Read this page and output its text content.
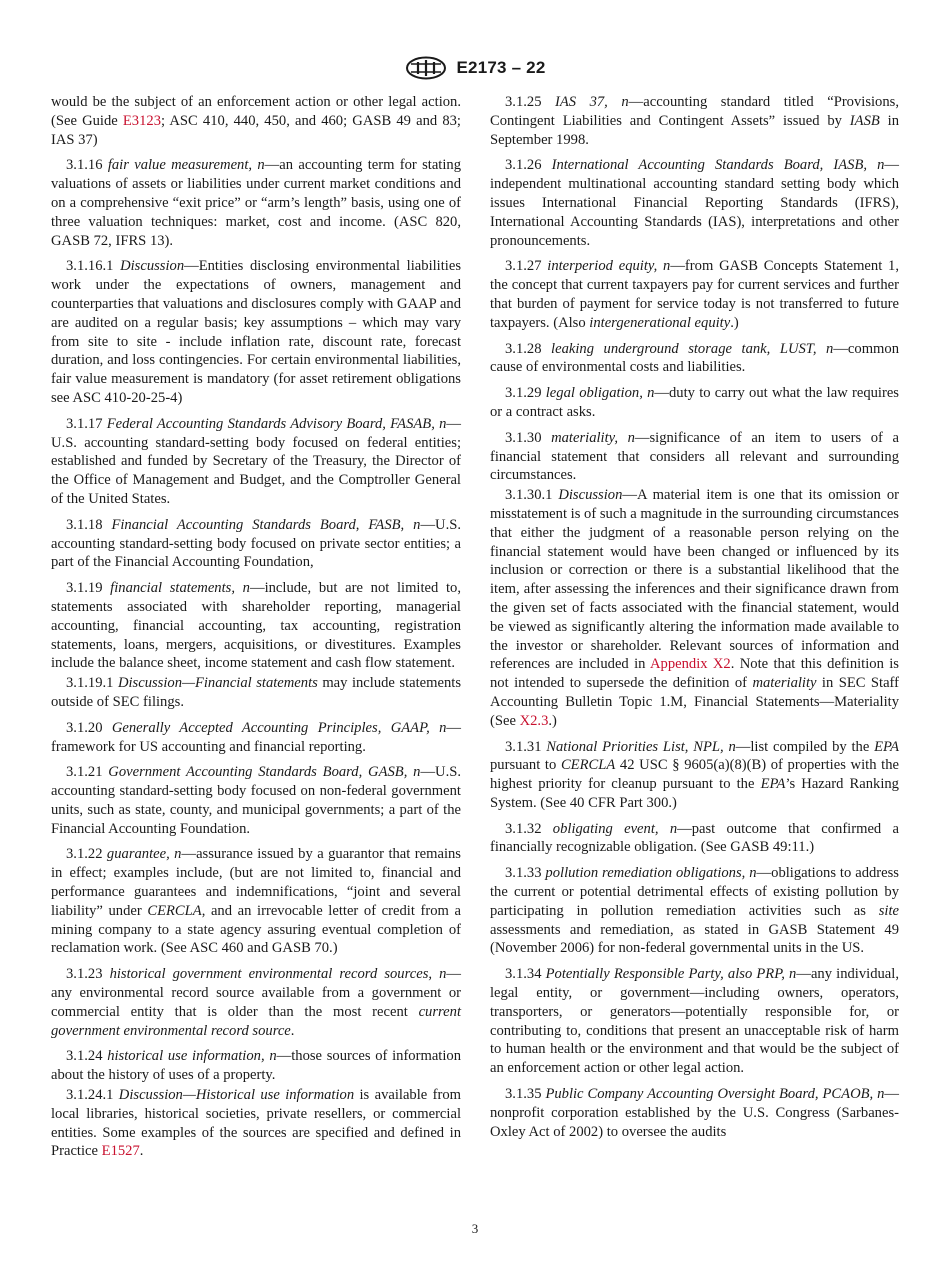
E2173 – 22

would be the subject of an enforcement action or other legal action. (See Guide E3123; ASC 410, 440, 450, and 460; GASB 49 and 83; IAS 37)

3.1.16 fair value measurement, n—an accounting term for stating valuations of assets or liabilities under current market conditions and on a comprehensive “exit price” or “arm’s length” basis, using one of three valuation techniques: market, cost and income. (ASC 820, GASB 72, IFRS 13).

3.1.16.1 Discussion—Entities disclosing environmental liabilities work under the expectations of owners, management and counterparties that valuations and disclosures comply with GAAP and are audited on a regular basis; key assumptions – which may vary from site to site - include inflation rate, discount rate, forecast duration, and loss contingencies. For certain environmental liabilities, fair value measurement is mandatory (for asset retirement obligations see ASC 410-20-25-4)

3.1.17 Federal Accounting Standards Advisory Board, FASAB, n—U.S. accounting standard-setting body focused on federal entities; established and funded by Secretary of the Treasury, the Director of the Office of Management and Budget, and the Comptroller General of the United States.

3.1.18 Financial Accounting Standards Board, FASB, n—U.S. accounting standard-setting body focused on private sector entities; a part of the Financial Accounting Foundation,

3.1.19 financial statements, n—include, but are not limited to, statements associated with shareholder reporting, managerial accounting, financial accounting, tax accounting, registration statements, loans, mergers, acquisitions, or divestitures. Examples include the balance sheet, income statement and cash flow statement.

3.1.19.1 Discussion—Financial statements may include statements outside of SEC filings.

3.1.20 Generally Accepted Accounting Principles, GAAP, n—framework for US accounting and financial reporting.

3.1.21 Government Accounting Standards Board, GASB, n—U.S. accounting standard-setting body focused on non-federal government units, such as state, county, and municipal governments; a part of the Financial Accounting Foundation.

3.1.22 guarantee, n—assurance issued by a guarantor that remains in effect; examples include, (but are not limited to, financial and performance guarantees and indemnifications, “joint and several liability” under CERCLA, and an irrevocable letter of credit from a mining company to a state agency assuring eventual completion of reclamation work. (See ASC 460 and GASB 70.)

3.1.23 historical government environmental record sources, n—any environmental record source available from a government or commercial entity that is older than the most recent current government environmental record source.

3.1.24 historical use information, n—those sources of information about the history of uses of a property.

3.1.24.1 Discussion—Historical use information is available from local libraries, historical societies, private resellers, or commercial entities. Some examples of the sources are specified and defined in Practice E1527.

3.1.25 IAS 37, n—accounting standard titled “Provisions, Contingent Liabilities and Contingent Assets” issued by IASB in September 1998.

3.1.26 International Accounting Standards Board, IASB, n—independent multinational accounting standard setting body which issues International Financial Reporting Standards (IFRS), International Accounting Standards (IAS), interpretations and other pronouncements.

3.1.27 interperiod equity, n—from GASB Concepts Statement 1, the concept that current taxpayers pay for current services and further that burden of payment for service today is not transferred to future taxpayers. (Also intergenerational equity.)

3.1.28 leaking underground storage tank, LUST, n—common cause of environmental costs and liabilities.

3.1.29 legal obligation, n—duty to carry out what the law requires or a contract asks.

3.1.30 materiality, n—significance of an item to users of a financial statement that considers all relevant and surrounding circumstances.

3.1.30.1 Discussion—A material item is one that its omission or misstatement is of such a magnitude in the surrounding circumstances that either the judgment of a reasonable person relying on the financial statement would have been changed or influenced by its inclusion or correction or there is a substantial likelihood that the item, after assessing the inferences and their significance drawn from the given set of facts associated with the financial statement, would be viewed as significantly altering the information made available to the investor or shareholder. Relevant sources of information and references are included in Appendix X2. Note that this definition is not intended to supersede the definition of materiality in SEC Staff Accounting Bulletin Topic 1.M, Financial Statements—Materiality (See X2.3.)

3.1.31 National Priorities List, NPL, n—list compiled by the EPA pursuant to CERCLA 42 USC § 9605(a)(8)(B) of properties with the highest priority for cleanup pursuant to the EPA’s Hazard Ranking System. (See 40 CFR Part 300.)

3.1.32 obligating event, n—past outcome that confirmed a financially recognizable obligation. (See GASB 49:11.)

3.1.33 pollution remediation obligations, n—obligations to address the current or potential detrimental effects of existing pollution by participating in pollution remediation activities such as site assessments and remediation, as stated in GASB Statement 49 (November 2006) for non-federal governmental units in the US.

3.1.34 Potentially Responsible Party, also PRP, n—any individual, legal entity, or government—including owners, operators, transporters, or generators—potentially responsible for, or contributing to, conditions that present an unacceptable risk of harm to human health or the environment and that would be the subject of an enforcement action or other legal action.

3.1.35 Public Company Accounting Oversight Board, PCAOB, n—nonprofit corporation established by the U.S. Congress (Sarbanes-Oxley Act of 2002) to oversee the audits

3
